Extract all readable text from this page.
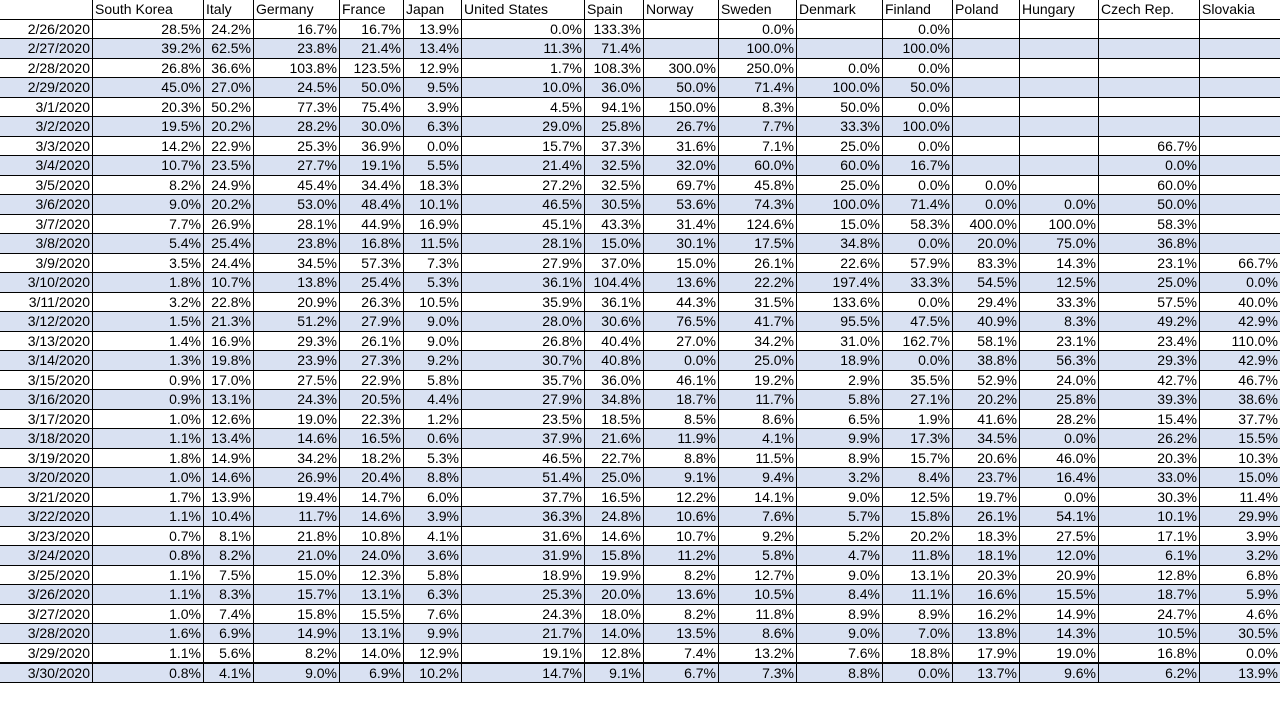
	South Korea	Italy	Germany	France	Japan	United States	Spain	Norway	Sweden	Denmark	Finland	Poland	Hungary	Czech Rep.	Slovakia
2/26/2020	28.5%	24.2%	16.7%	16.7%	13.9%	0.0%	133.3%		0.0%		0.0%				
2/27/2020	39.2%	62.5%	23.8%	21.4%	13.4%	11.3%	71.4%		100.0%		100.0%				
2/28/2020	26.8%	36.6%	103.8%	123.5%	12.9%	1.7%	108.3%	300.0%	250.0%	0.0%	0.0%				
2/29/2020	45.0%	27.0%	24.5%	50.0%	9.5%	10.0%	36.0%	50.0%	71.4%	100.0%	50.0%				
3/1/2020	20.3%	50.2%	77.3%	75.4%	3.9%	4.5%	94.1%	150.0%	8.3%	50.0%	0.0%				
3/2/2020	19.5%	20.2%	28.2%	30.0%	6.3%	29.0%	25.8%	26.7%	7.7%	33.3%	100.0%				
3/3/2020	14.2%	22.9%	25.3%	36.9%	0.0%	15.7%	37.3%	31.6%	7.1%	25.0%	0.0%			66.7%	
3/4/2020	10.7%	23.5%	27.7%	19.1%	5.5%	21.4%	32.5%	32.0%	60.0%	60.0%	16.7%			0.0%	
3/5/2020	8.2%	24.9%	45.4%	34.4%	18.3%	27.2%	32.5%	69.7%	45.8%	25.0%	0.0%	0.0%		60.0%	
3/6/2020	9.0%	20.2%	53.0%	48.4%	10.1%	46.5%	30.5%	53.6%	74.3%	100.0%	71.4%	0.0%	0.0%	50.0%	
3/7/2020	7.7%	26.9%	28.1%	44.9%	16.9%	45.1%	43.3%	31.4%	124.6%	15.0%	58.3%	400.0%	100.0%	58.3%	
3/8/2020	5.4%	25.4%	23.8%	16.8%	11.5%	28.1%	15.0%	30.1%	17.5%	34.8%	0.0%	20.0%	75.0%	36.8%	
3/9/2020	3.5%	24.4%	34.5%	57.3%	7.3%	27.9%	37.0%	15.0%	26.1%	22.6%	57.9%	83.3%	14.3%	23.1%	66.7%
3/10/2020	1.8%	10.7%	13.8%	25.4%	5.3%	36.1%	104.4%	13.6%	22.2%	197.4%	33.3%	54.5%	12.5%	25.0%	0.0%
3/11/2020	3.2%	22.8%	20.9%	26.3%	10.5%	35.9%	36.1%	44.3%	31.5%	133.6%	0.0%	29.4%	33.3%	57.5%	40.0%
3/12/2020	1.5%	21.3%	51.2%	27.9%	9.0%	28.0%	30.6%	76.5%	41.7%	95.5%	47.5%	40.9%	8.3%	49.2%	42.9%
3/13/2020	1.4%	16.9%	29.3%	26.1%	9.0%	26.8%	40.4%	27.0%	34.2%	31.0%	162.7%	58.1%	23.1%	23.4%	110.0%
3/14/2020	1.3%	19.8%	23.9%	27.3%	9.2%	30.7%	40.8%	0.0%	25.0%	18.9%	0.0%	38.8%	56.3%	29.3%	42.9%
3/15/2020	0.9%	17.0%	27.5%	22.9%	5.8%	35.7%	36.0%	46.1%	19.2%	2.9%	35.5%	52.9%	24.0%	42.7%	46.7%
3/16/2020	0.9%	13.1%	24.3%	20.5%	4.4%	27.9%	34.8%	18.7%	11.7%	5.8%	27.1%	20.2%	25.8%	39.3%	38.6%
3/17/2020	1.0%	12.6%	19.0%	22.3%	1.2%	23.5%	18.5%	8.5%	8.6%	6.5%	1.9%	41.6%	28.2%	15.4%	37.7%
3/18/2020	1.1%	13.4%	14.6%	16.5%	0.6%	37.9%	21.6%	11.9%	4.1%	9.9%	17.3%	34.5%	0.0%	26.2%	15.5%
3/19/2020	1.8%	14.9%	34.2%	18.2%	5.3%	46.5%	22.7%	8.8%	11.5%	8.9%	15.7%	20.6%	46.0%	20.3%	10.3%
3/20/2020	1.0%	14.6%	26.9%	20.4%	8.8%	51.4%	25.0%	9.1%	9.4%	3.2%	8.4%	23.7%	16.4%	33.0%	15.0%
3/21/2020	1.7%	13.9%	19.4%	14.7%	6.0%	37.7%	16.5%	12.2%	14.1%	9.0%	12.5%	19.7%	0.0%	30.3%	11.4%
3/22/2020	1.1%	10.4%	11.7%	14.6%	3.9%	36.3%	24.8%	10.6%	7.6%	5.7%	15.8%	26.1%	54.1%	10.1%	29.9%
3/23/2020	0.7%	8.1%	21.8%	10.8%	4.1%	31.6%	14.6%	10.7%	9.2%	5.2%	20.2%	18.3%	27.5%	17.1%	3.9%
3/24/2020	0.8%	8.2%	21.0%	24.0%	3.6%	31.9%	15.8%	11.2%	5.8%	4.7%	11.8%	18.1%	12.0%	6.1%	3.2%
3/25/2020	1.1%	7.5%	15.0%	12.3%	5.8%	18.9%	19.9%	8.2%	12.7%	9.0%	13.1%	20.3%	20.9%	12.8%	6.8%
3/26/2020	1.1%	8.3%	15.7%	13.1%	6.3%	25.3%	20.0%	13.6%	10.5%	8.4%	11.1%	16.6%	15.5%	18.7%	5.9%
3/27/2020	1.0%	7.4%	15.8%	15.5%	7.6%	24.3%	18.0%	8.2%	11.8%	8.9%	8.9%	16.2%	14.9%	24.7%	4.6%
3/28/2020	1.6%	6.9%	14.9%	13.1%	9.9%	21.7%	14.0%	13.5%	8.6%	9.0%	7.0%	13.8%	14.3%	10.5%	30.5%
3/29/2020	1.1%	5.6%	8.2%	14.0%	12.9%	19.1%	12.8%	7.4%	13.2%	7.6%	18.8%	17.9%	19.0%	16.8%	0.0%
3/30/2020	0.8%	4.1%	9.0%	6.9%	10.2%	14.7%	9.1%	6.7%	7.3%	8.8%	0.0%	13.7%	9.6%	6.2%	13.9%
